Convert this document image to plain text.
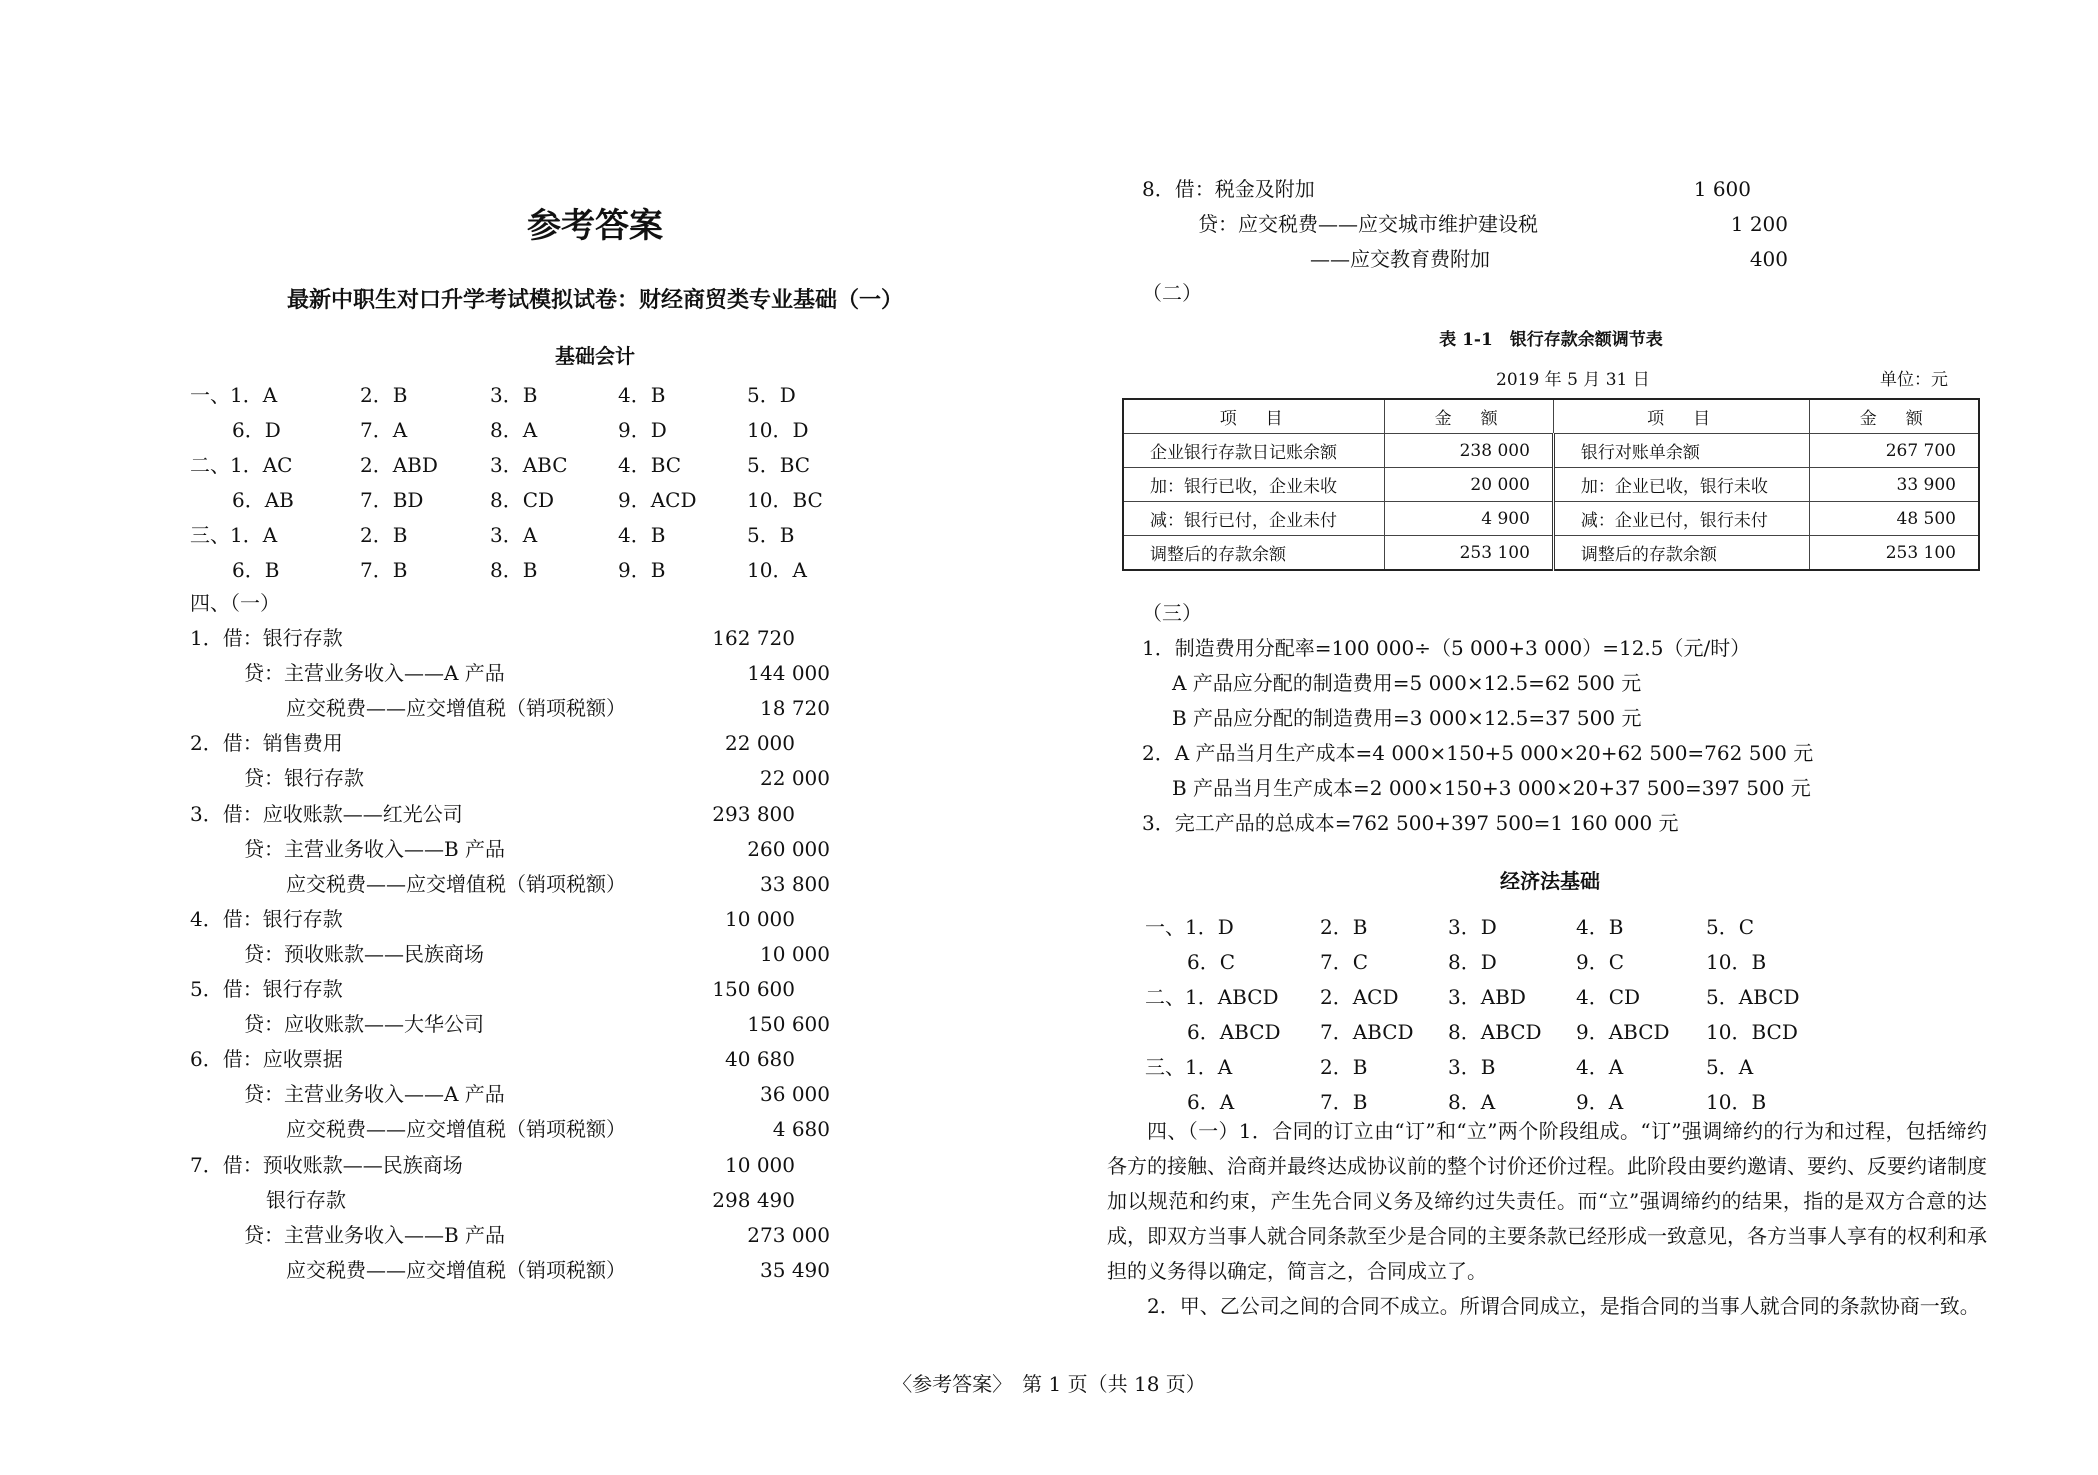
参考答案
最新中职生对口升学考试模拟试卷：财经商贸类专业基础（一）
基础会计
一、1．A	2．B	3．B	4．B	5．D
6．D	7．A	8．A	9．D	10．D
二、1．AC	2．ABD	3．ABC	4．BC	5．BC
6．AB	7．BD	8．CD	9．ACD	10．BC
三、1．A	2．B	3．A	4．B	5．B
6．B	7．B	8．B	9．B	10．A
四、（一）
1．借：银行存款	162 720
贷：主营业务收入——A 产品	144 000
应交税费——应交增值税（销项税额）	18 720
2．借：销售费用	22 000
贷：银行存款	22 000
3．借：应收账款——红光公司	293 800
贷：主营业务收入——B 产品	260 000
应交税费——应交增值税（销项税额）	33 800
4．借：银行存款	10 000
贷：预收账款——民族商场	10 000
5．借：银行存款	150 600
贷：应收账款——大华公司	150 600
6．借：应收票据	40 680
贷：主营业务收入——A 产品	36 000
应交税费——应交增值税（销项税额）	4 680
7．借：预收账款——民族商场	10 000
银行存款	298 490
贷：主营业务收入——B 产品	273 000
应交税费——应交增值税（销项税额）	35 490
8．借：税金及附加	1 600
贷：应交税费——应交城市维护建设税	1 200
——应交教育费附加	400
（二）
表 1-1　银行存款余额调节表
2019 年 5 月 31 日	单位：元
项　目	金　额	项　目	金　额
企业银行存款日记账余额	238 000	银行对账单余额	267 700
加：银行已收，企业未收	20 000	加：企业已收，银行未收	33 900
减：银行已付，企业未付	4 900	减：企业已付，银行未付	48 500
调整后的存款余额	253 100	调整后的存款余额	253 100
（三）
1．制造费用分配率=100 000÷（5 000+3 000）=12.5（元/时）
A 产品应分配的制造费用=5 000×12.5=62 500 元
B 产品应分配的制造费用=3 000×12.5=37 500 元
2．A 产品当月生产成本=4 000×150+5 000×20+62 500=762 500 元
B 产品当月生产成本=2 000×150+3 000×20+37 500=397 500 元
3．完工产品的总成本=762 500+397 500=1 160 000 元
经济法基础
一、1．D	2．B	3．D	4．B	5．C
6．C	7．C	8．D	9．C	10．B
二、1．ABCD 2．ACD 3．ABD	4．CD	5．ABCD
6．ABCD 7．ABCD 8．ABCD 9．ABCD 10．BCD
三、1．A	2．B	3．B	4．A	5．A
6．A	7．B	8．A	9．A	10．B
四、（一）1．合同的订立由“订”和“立”两个阶段组成。“订”强调缔约的行为和过程，包括缔约各方的接触、洽商并最终达成协议前的整个讨价还价过程。此阶段由要约邀请、要约、反要约诸制度加以规范和约束，产生先合同义务及缔约过失责任。而“立”强调缔约的结果，指的是双方合意的达成，即双方当事人就合同条款至少是合同的主要条款已经形成一致意见，各方当事人享有的权利和承担的义务得以确定，简言之，合同成立了。
2．甲、乙公司之间的合同不成立。所谓合同成立，是指合同的当事人就合同的条款协商一致。
〈参考答案〉　第 1 页（共 18 页）
